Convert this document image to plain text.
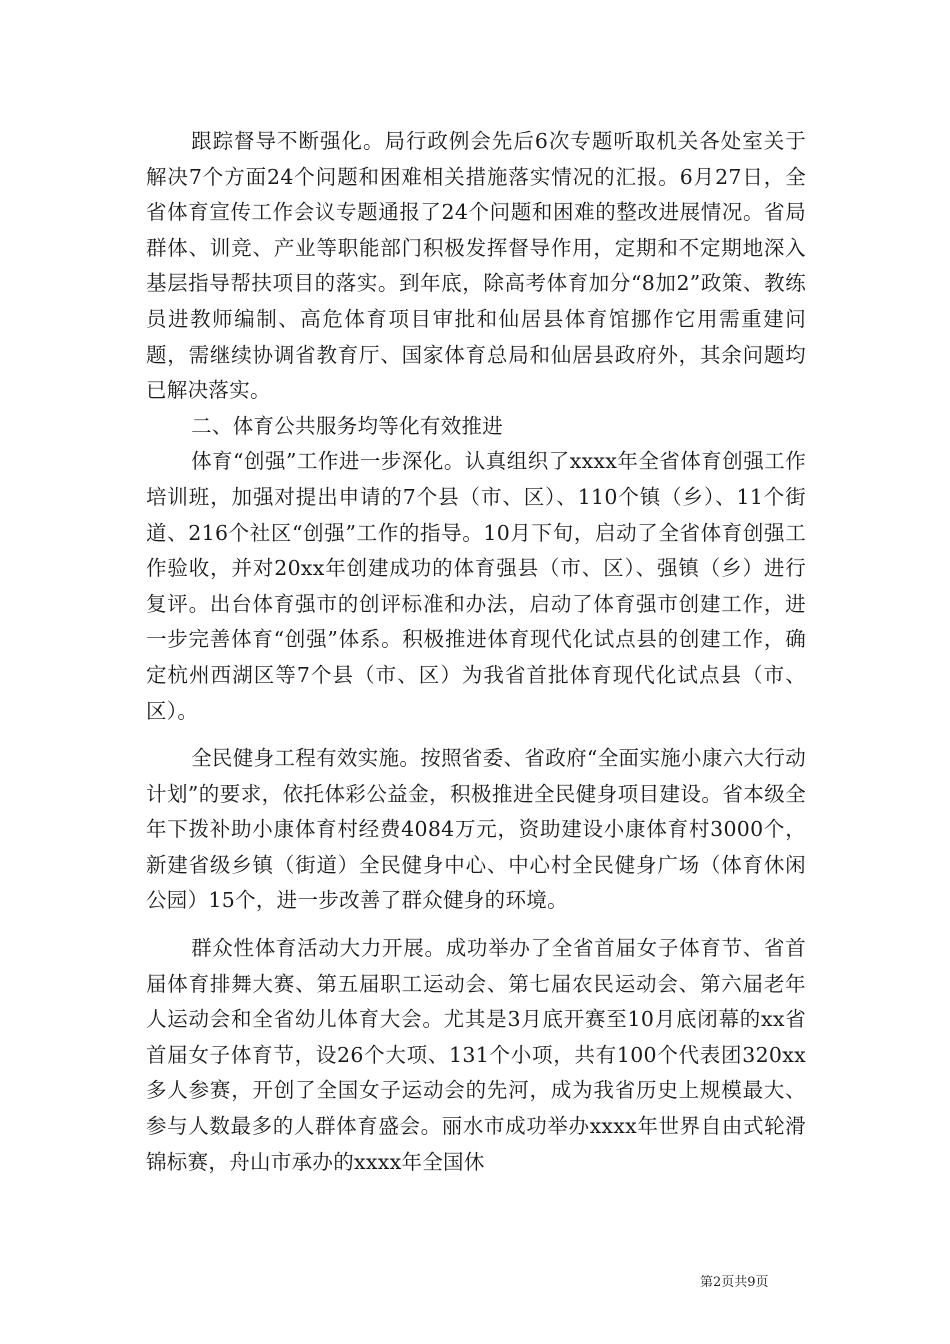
跟踪督导不断强化。局行政例会先后6次专题听取机关各处室关于解决7个方面24个问题和困难相关措施落实情况的汇报。6月27日，全省体育宣传工作会议专题通报了24个问题和困难的整改进展情况。省局群体、训竞、产业等职能部门积极发挥督导作用，定期和不定期地深入基层指导帮扶项目的落实。到年底，除高考体育加分“8加2”政策、教练员进教师编制、高危体育项目审批和仙居县体育馆挪作它用需重建问题，需继续协调省教育厅、国家体育总局和仙居县政府外，其余问题均已解决落实。

二、体育公共服务均等化有效推进

体育“创强”工作进一步深化。认真组织了xxxx年全省体育创强工作培训班，加强对提出申请的7个县（市、区）、110个镇（乡）、11个街道、216个社区“创强”工作的指导。10月下旬，启动了全省体育创强工作验收，并对20xx年创建成功的体育强县（市、区）、强镇（乡）进行复评。出台体育强市的创评标准和办法，启动了体育强市创建工作，进一步完善体育“创强”体系。积极推进体育现代化试点县的创建工作，确定杭州西湖区等7个县（市、区）为我省首批体育现代化试点县（市、区）。

全民健身工程有效实施。按照省委、省政府“全面实施小康六大行动计划”的要求，依托体彩公益金，积极推进全民健身项目建设。省本级全年下拨补助小康体育村经费4084万元，资助建设小康体育村3000个，新建省级乡镇（街道）全民健身中心、中心村全民健身广场（体育休闲公园）15个，进一步改善了群众健身的环境。

群众性体育活动大力开展。成功举办了全省首届女子体育节、省首届体育排舞大赛、第五届职工运动会、第七届农民运动会、第六届老年人运动会和全省幼儿体育大会。尤其是3月底开赛至10月底闭幕的xx省首届女子体育节，设26个大项、131个小项，共有100个代表团320xx多人参赛，开创了全国女子运动会的先河，成为我省历史上规模最大、参与人数最多的人群体育盛会。丽水市成功举办xxxx年世界自由式轮滑锦标赛，舟山市承办的xxxx年全国休

第2页共9页
